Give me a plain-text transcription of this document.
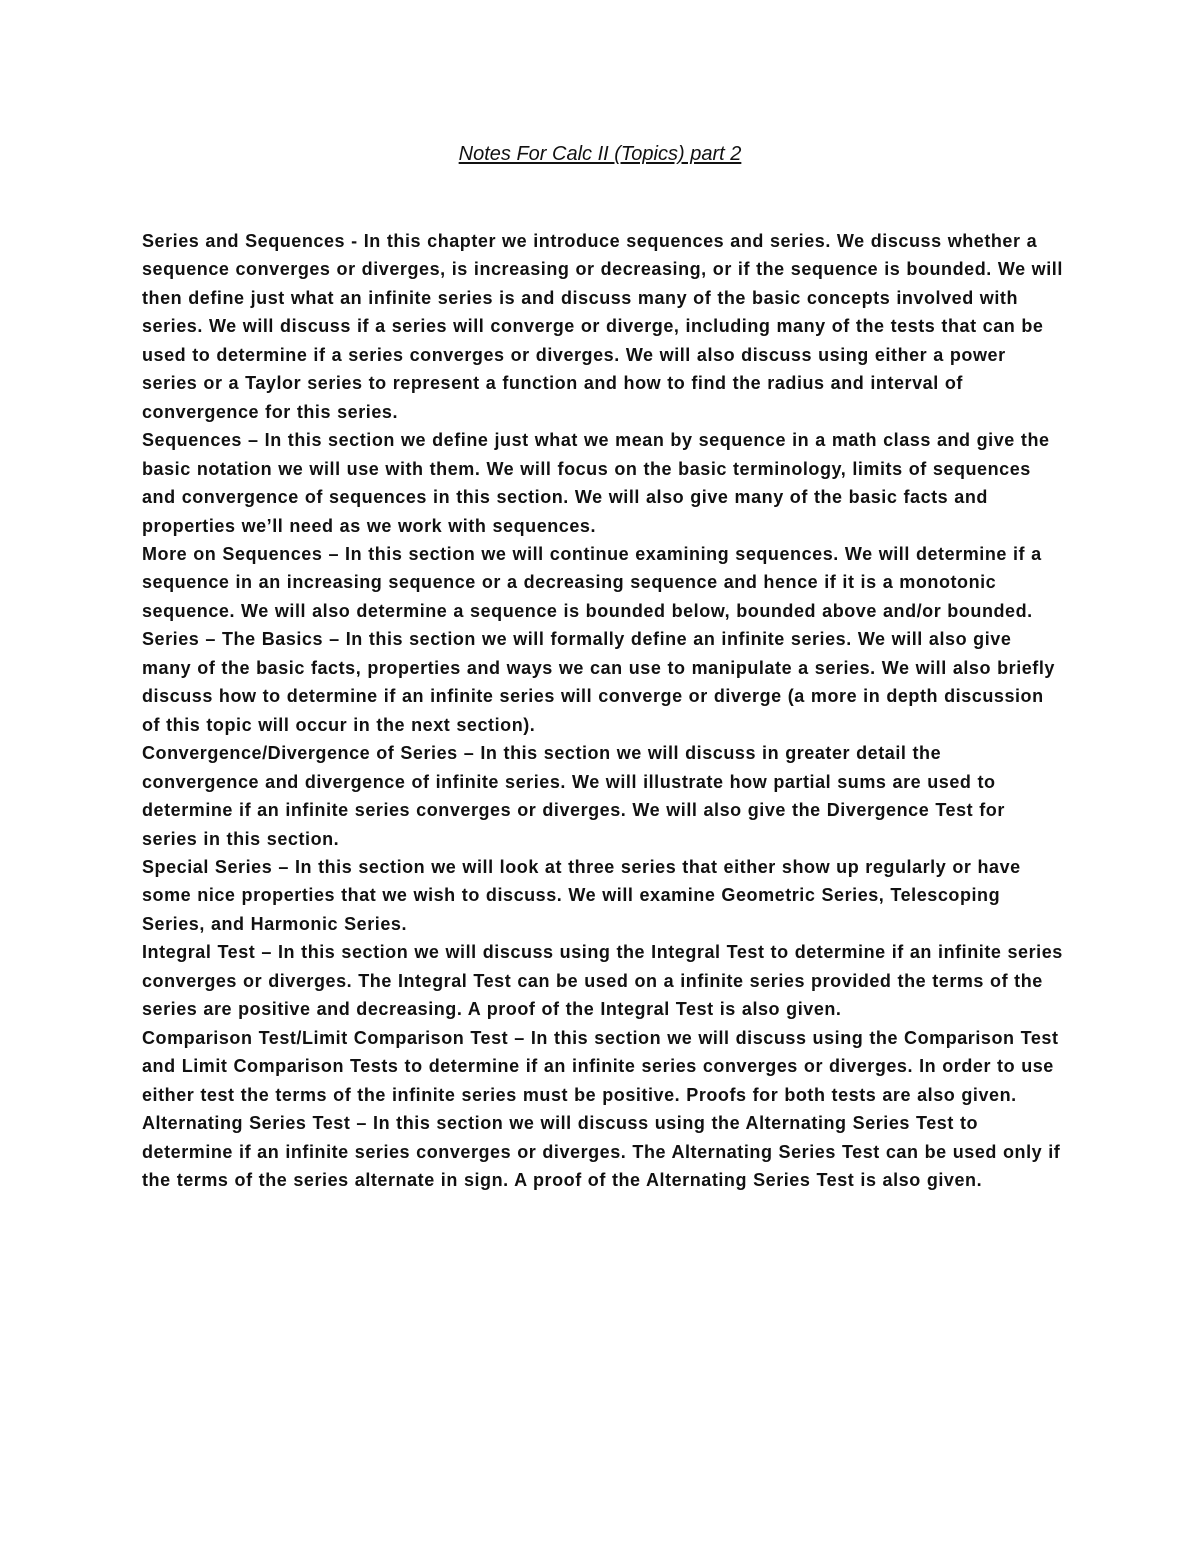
Notes For Calc II (Topics) part 2

Series and Sequences - In this chapter we introduce sequences and series. We discuss whether a sequence converges or diverges, is increasing or decreasing, or if the sequence is bounded. We will then define just what an infinite series is and discuss many of the basic concepts involved with series. We will discuss if a series will converge or diverge, including many of the tests that can be used to determine if a series converges or diverges. We will also discuss using either a power series or a Taylor series to represent a function and how to find the radius and interval of convergence for this series.

Sequences – In this section we define just what we mean by sequence in a math class and give the basic notation we will use with them. We will focus on the basic terminology, limits of sequences and convergence of sequences in this section. We will also give many of the basic facts and properties we’ll need as we work with sequences.

More on Sequences – In this section we will continue examining sequences. We will determine if a sequence in an increasing sequence or a decreasing sequence and hence if it is a monotonic sequence. We will also determine a sequence is bounded below, bounded above and/or bounded.

Series – The Basics – In this section we will formally define an infinite series. We will also give many of the basic facts, properties and ways we can use to manipulate a series. We will also briefly discuss how to determine if an infinite series will converge or diverge (a more in depth discussion of this topic will occur in the next section).

Convergence/Divergence of Series – In this section we will discuss in greater detail the convergence and divergence of infinite series. We will illustrate how partial sums are used to determine if an infinite series converges or diverges. We will also give the Divergence Test for series in this section.

Special Series – In this section we will look at three series that either show up regularly or have some nice properties that we wish to discuss. We will examine Geometric Series, Telescoping Series, and Harmonic Series.

Integral Test – In this section we will discuss using the Integral Test to determine if an infinite series converges or diverges. The Integral Test can be used on a infinite series provided the terms of the series are positive and decreasing. A proof of the Integral Test is also given.

Comparison Test/Limit Comparison Test – In this section we will discuss using the Comparison Test and Limit Comparison Tests to determine if an infinite series converges or diverges. In order to use either test the terms of the infinite series must be positive. Proofs for both tests are also given.

Alternating Series Test – In this section we will discuss using the Alternating Series Test to determine if an infinite series converges or diverges. The Alternating Series Test can be used only if the terms of the series alternate in sign. A proof of the Alternating Series Test is also given.
